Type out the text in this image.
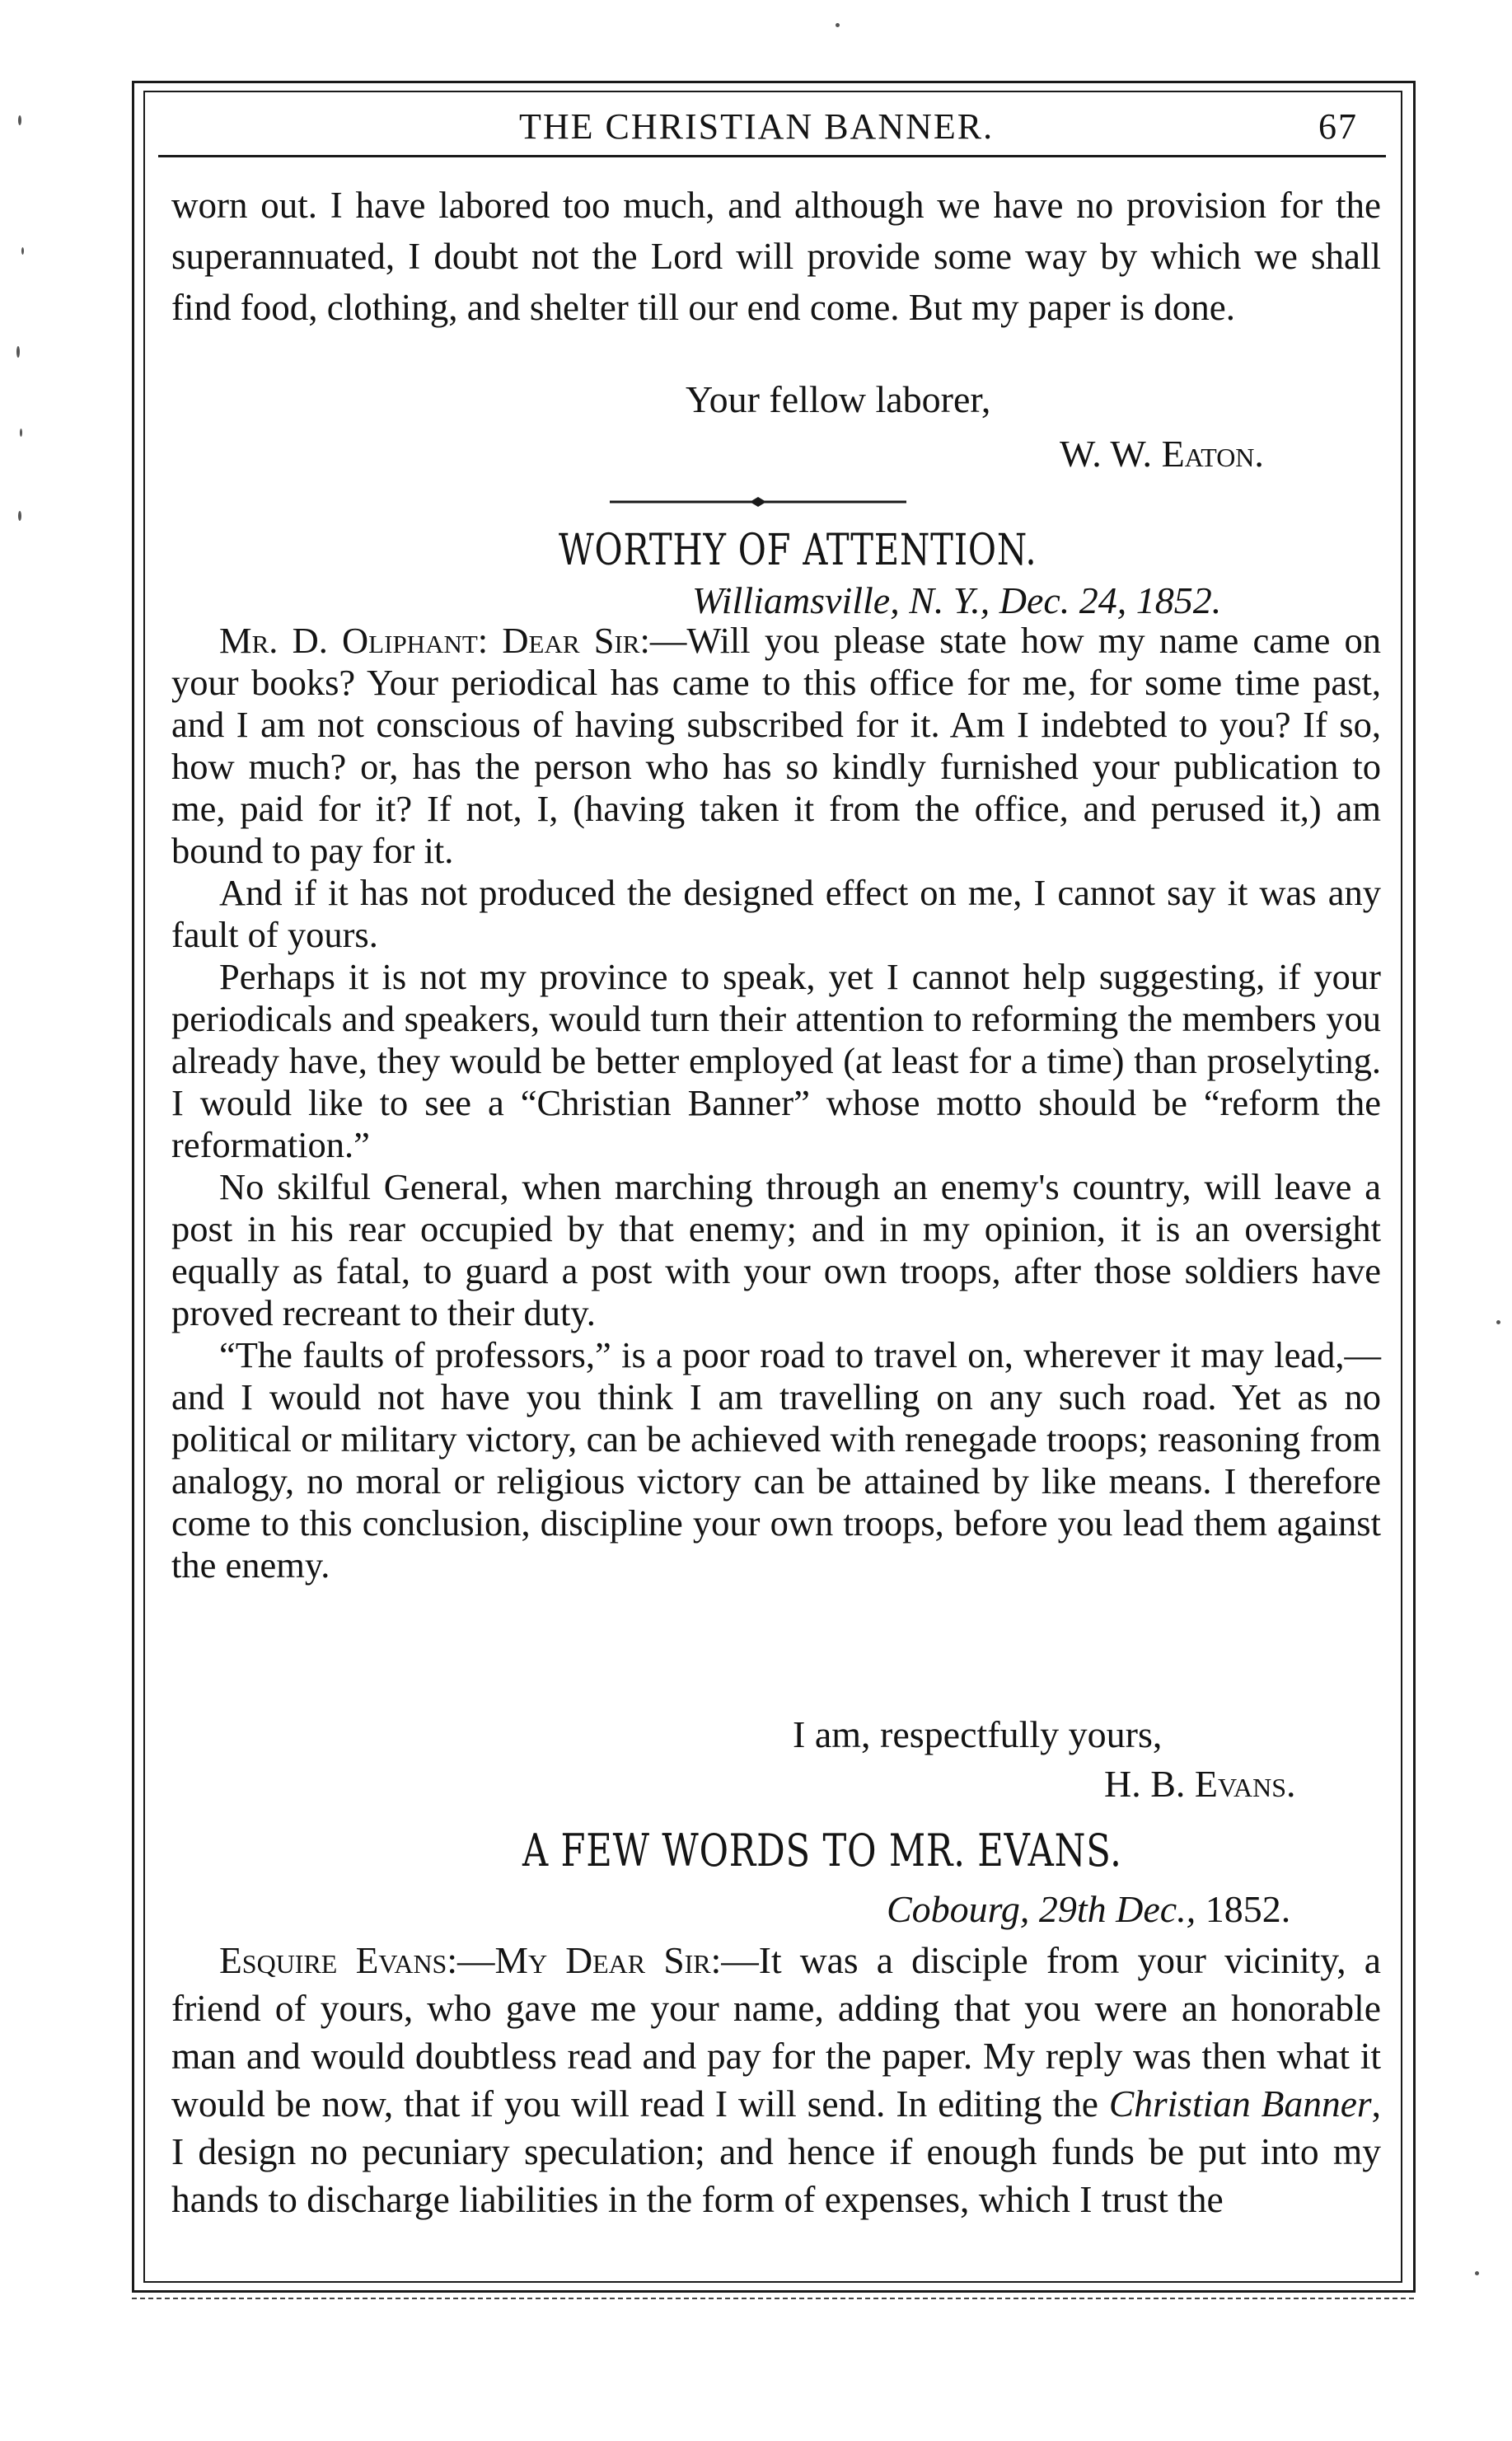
THE CHRISTIAN BANNER.	67

worn out. I have labored too much, and although we have no provision for the superannuated, I doubt not the Lord will provide some way by which we shall find food, clothing, and shelter till our end come. But my paper is done.

Your fellow laborer,
W. W. Eaton.
WORTHY OF ATTENTION.
Williamsville, N. Y., Dec. 24, 1852.

Mr. D. Oliphant: Dear Sir:—Will you please state how my name came on your books? Your periodical has came to this office for me, for some time past, and I am not conscious of having subscribed for it. Am I indebted to you? If so, how much? or, has the person who has so kindly furnished your publication to me, paid for it? If not, I, (having taken it from the office, and perused it,) am bound to pay for it.

And if it has not produced the designed effect on me, I cannot say it was any fault of yours.

Perhaps it is not my province to speak, yet I cannot help suggesting, if your periodicals and speakers, would turn their attention to reforming the members you already have, they would be better employed (at least for a time) than proselyting. I would like to see a “Christian Banner” whose motto should be “reform the reformation.”

No skilful General, when marching through an enemy's country, will leave a post in his rear occupied by that enemy; and in my opinion, it is an oversight equally as fatal, to guard a post with your own troops, after those soldiers have proved recreant to their duty.

“The faults of professors,” is a poor road to travel on, wherever it may lead,—and I would not have you think I am travelling on any such road. Yet as no political or military victory, can be achieved with renegade troops; reasoning from analogy, no moral or religious victory can be attained by like means. I therefore come to this conclusion, discipline your own troops, before you lead them against the enemy.

I am, respectfully yours,
H. B. Evans.
A FEW WORDS TO MR. EVANS.
Cobourg, 29th Dec., 1852.

Esquire Evans:—My Dear Sir:—It was a disciple from your vicinity, a friend of yours, who gave me your name, adding that you were an honorable man and would doubtless read and pay for the paper. My reply was then what it would be now, that if you will read I will send. In editing the Christian Banner, I design no pecuniary speculation; and hence if enough funds be put into my hands to discharge liabilities in the form of expenses, which I trust the
